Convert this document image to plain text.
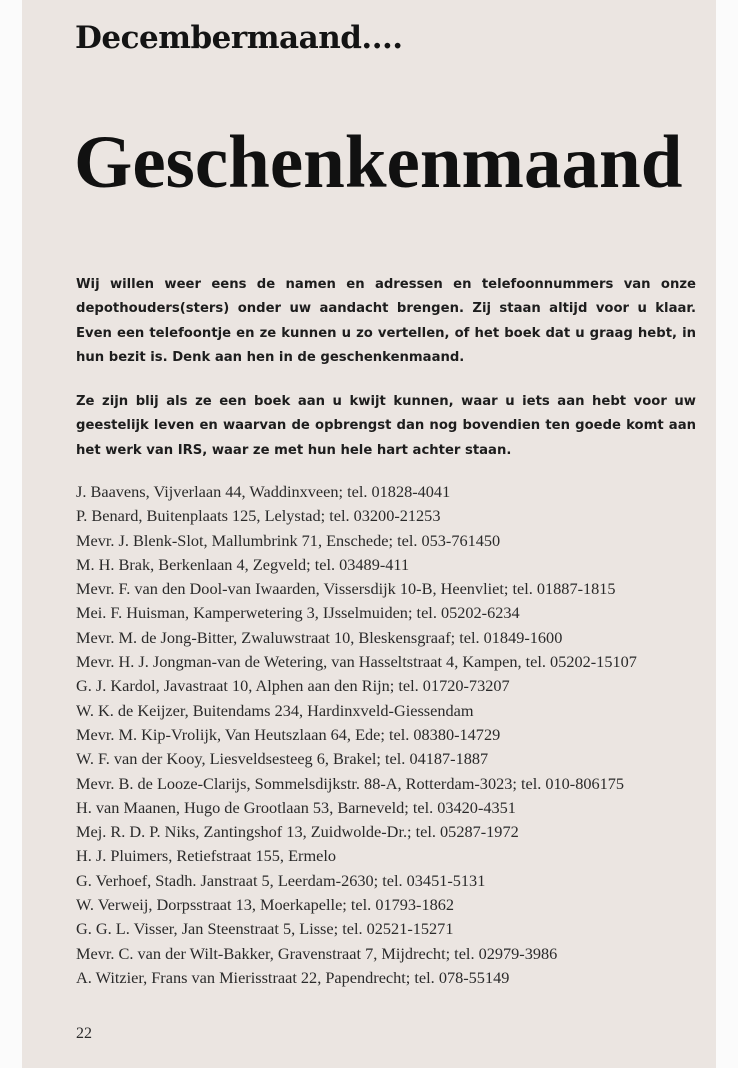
Decembermaand....
Geschenkenmaand

Wij willen weer eens de namen en adressen en telefoonnummers van onze depothouders(sters) onder uw aandacht brengen. Zij staan altijd voor u klaar. Even een telefoontje en ze kunnen u zo vertellen, of het boek dat u graag hebt, in hun bezit is. Denk aan hen in de geschenkenmaand.

Ze zijn blij als ze een boek aan u kwijt kunnen, waar u iets aan hebt voor uw geestelijk leven en waarvan de opbrengst dan nog bovendien ten goede komt aan het werk van IRS, waar ze met hun hele hart achter staan.

J. Baavens, Vijverlaan 44, Waddinxveen; tel. 01828-4041
P. Benard, Buitenplaats 125, Lelystad; tel. 03200-21253
Mevr. J. Blenk-Slot, Mallumbrink 71, Enschede; tel. 053-761450
M. H. Brak, Berkenlaan 4, Zegveld; tel. 03489-411
Mevr. F. van den Dool-van Iwaarden, Vissersdijk 10-B, Heenvliet; tel. 01887-1815
Mei. F. Huisman, Kamperwetering 3, IJsselmuiden; tel. 05202-6234
Mevr. M. de Jong-Bitter, Zwaluwstraat 10, Bleskensgraaf; tel. 01849-1600
Mevr. H. J. Jongman-van de Wetering, van Hasseltstraat 4, Kampen, tel. 05202-15107
G. J. Kardol, Javastraat 10, Alphen aan den Rijn; tel. 01720-73207
W. K. de Keijzer, Buitendams 234, Hardinxveld-Giessendam
Mevr. M. Kip-Vrolijk, Van Heutszlaan 64, Ede; tel. 08380-14729
W. F. van der Kooy, Liesveldsesteeg 6, Brakel; tel. 04187-1887
Mevr. B. de Looze-Clarijs, Sommelsdijkstr. 88-A, Rotterdam-3023; tel. 010-806175
H. van Maanen, Hugo de Grootlaan 53, Barneveld; tel. 03420-4351
Mej. R. D. P. Niks, Zantingshof 13, Zuidwolde-Dr.; tel. 05287-1972
H. J. Pluimers, Retiefstraat 155, Ermelo
G. Verhoef, Stadh. Janstraat 5, Leerdam-2630; tel. 03451-5131
W. Verweij, Dorpsstraat 13, Moerkapelle; tel. 01793-1862
G. G. L. Visser, Jan Steenstraat 5, Lisse; tel. 02521-15271
Mevr. C. van der Wilt-Bakker, Gravenstraat 7, Mijdrecht; tel. 02979-3986
A. Witzier, Frans van Mierisstraat 22, Papendrecht; tel. 078-55149
22
